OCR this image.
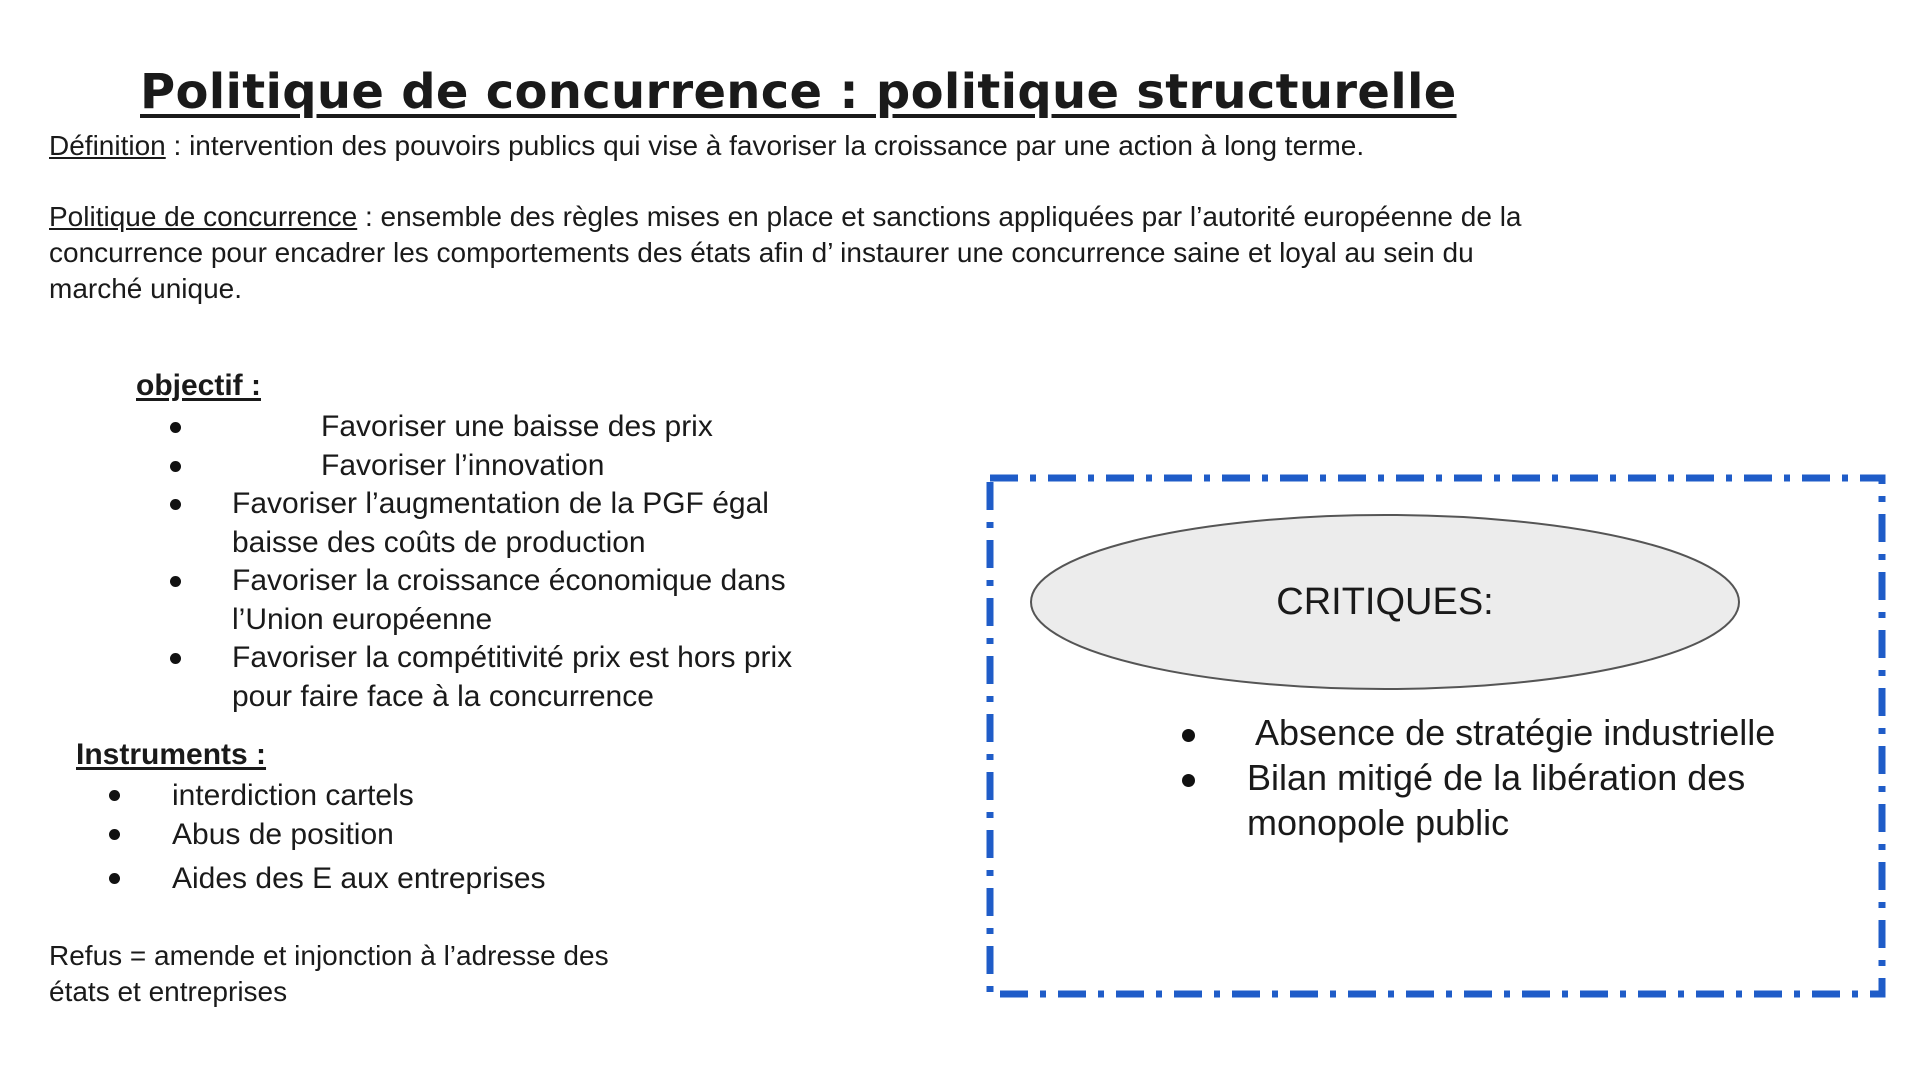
Politique de concurrence : politique structurelle
Définition : intervention des pouvoirs publics qui vise à favoriser la croissance par une action à long terme.
Politique de concurrence : ensemble des règles mises en place et sanctions appliquées par l’autorité européenne de la concurrence pour encadrer les comportements des états afin d’ instaurer une concurrence saine et loyal au sein du marché unique.
objectif :
Favoriser une baisse des prix
Favoriser l’innovation
Favoriser l’augmentation de la PGF égal baisse des coûts de production
Favoriser la croissance économique dans l’Union européenne
Favoriser la compétitivité prix est hors prix pour faire face à la concurrence
Instruments :
interdiction cartels
Abus de position
Aides des E aux entreprises
Refus = amende et injonction à l’adresse des états et entreprises
CRITIQUES:
Absence de stratégie industrielle
Bilan mitigé de la libération des monopole public
